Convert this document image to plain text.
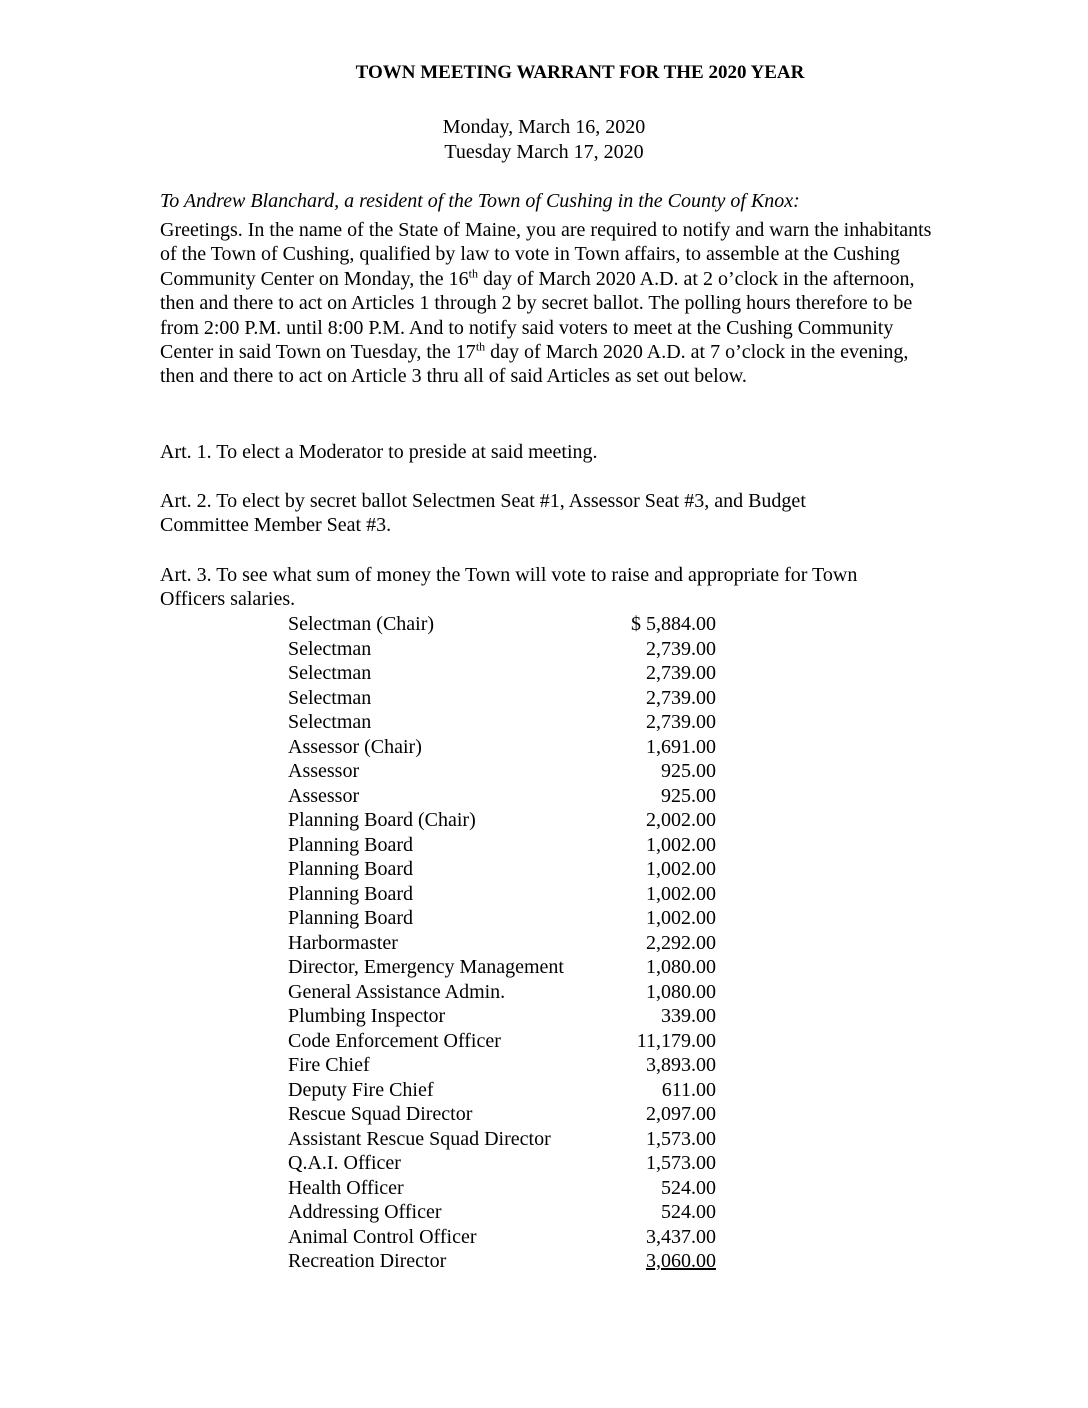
TOWN MEETING WARRANT FOR THE 2020 YEAR
Monday, March 16, 2020
Tuesday March 17, 2020
To Andrew Blanchard, a resident of the Town of Cushing in the County of Knox:

Greetings. In the name of the State of Maine, you are required to notify and warn the inhabitants of the Town of Cushing, qualified by law to vote in Town affairs, to assemble at the Cushing Community Center on Monday, the 16th day of March 2020 A.D. at 2 o’clock in the afternoon, then and there to act on Articles 1 through 2 by secret ballot. The polling hours therefore to be from 2:00 P.M. until 8:00 P.M. And to notify said voters to meet at the Cushing Community Center in said Town on Tuesday, the 17th day of March 2020 A.D. at 7 o’clock in the evening, then and there to act on Article 3 thru all of said Articles as set out below.

Art. 1. To elect a Moderator to preside at said meeting.

Art. 2. To elect by secret ballot Selectmen Seat #1, Assessor Seat #3, and Budget Committee Member Seat #3.

Art. 3. To see what sum of money the Town will vote to raise and appropriate for Town Officers salaries.

Selectman (Chair)	$ 5,884.00
Selectman	2,739.00
Selectman	2,739.00
Selectman	2,739.00
Selectman	2,739.00
Assessor (Chair)	1,691.00
Assessor	925.00
Assessor	925.00
Planning Board (Chair)	2,002.00
Planning Board	1,002.00
Planning Board	1,002.00
Planning Board	1,002.00
Planning Board	1,002.00
Harbormaster	2,292.00
Director, Emergency Management	1,080.00
General Assistance Admin.	1,080.00
Plumbing Inspector	339.00
Code Enforcement Officer	11,179.00
Fire Chief	3,893.00
Deputy Fire Chief	611.00
Rescue Squad Director	2,097.00
Assistant Rescue Squad Director	1,573.00
Q.A.I. Officer	1,573.00
Health Officer	524.00
Addressing Officer	524.00
Animal Control Officer	3,437.00
Recreation Director	3,060.00
